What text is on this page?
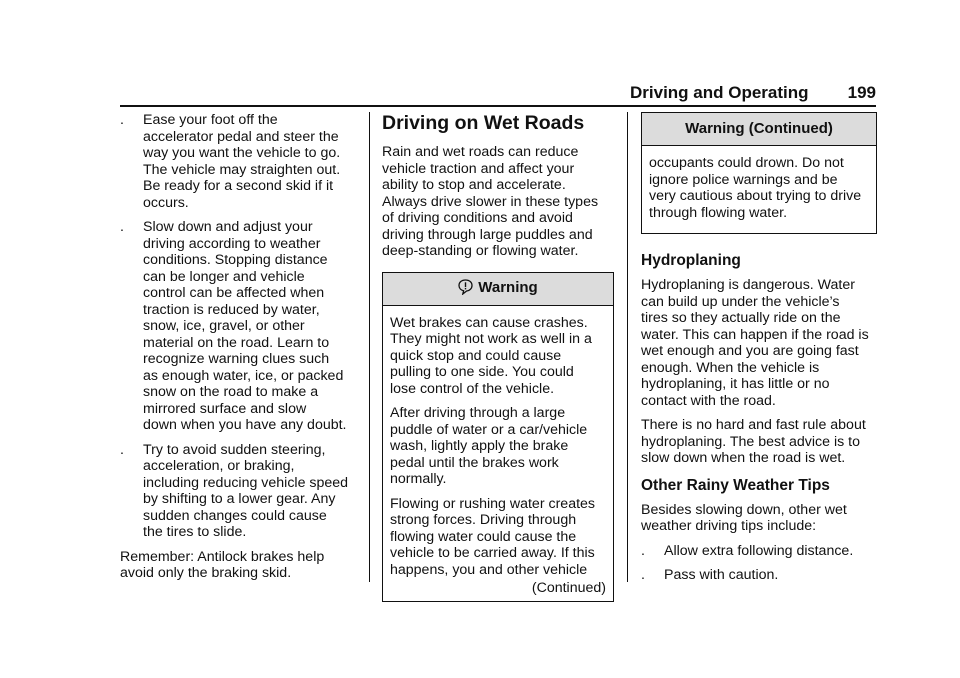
Driving and Operating 199
.	Ease your foot off the
accelerator pedal and steer the
way you want the vehicle to go.
The vehicle may straighten out.
Be ready for a second skid if it
occurs.
.	Slow down and adjust your
driving according to weather
conditions. Stopping distance
can be longer and vehicle
control can be affected when
traction is reduced by water,
snow, ice, gravel, or other
material on the road. Learn to
recognize warning clues such
as enough water, ice, or packed
snow on the road to make a
mirrored surface and slow
down when you have any doubt.
.	Try to avoid sudden steering,
acceleration, or braking,
including reducing vehicle speed
by shifting to a lower gear. Any
sudden changes could cause
the tires to slide.

Remember: Antilock brakes help
avoid only the braking skid.

Driving on Wet Roads

Rain and wet roads can reduce
vehicle traction and affect your
ability to stop and accelerate.
Always drive slower in these types
of driving conditions and avoid
driving through large puddles and
deep-standing or flowing water.

Warning

Wet brakes can cause crashes.
They might not work as well in a
quick stop and could cause
pulling to one side. You could
lose control of the vehicle.

After driving through a large
puddle of water or a car/vehicle
wash, lightly apply the brake
pedal until the brakes work
normally.

Flowing or rushing water creates
strong forces. Driving through
flowing water could cause the
vehicle to be carried away. If this
happens, you and other vehicle

(Continued)
Warning (Continued)

occupants could drown. Do not
ignore police warnings and be
very cautious about trying to drive
through flowing water.

Hydroplaning

Hydroplaning is dangerous. Water
can build up under the vehicle’s
tires so they actually ride on the
water. This can happen if the road is
wet enough and you are going fast
enough. When the vehicle is
hydroplaning, it has little or no
contact with the road.

There is no hard and fast rule about
hydroplaning. The best advice is to
slow down when the road is wet.

Other Rainy Weather Tips

Besides slowing down, other wet
weather driving tips include:

.	Allow extra following distance.
.	Pass with caution.
